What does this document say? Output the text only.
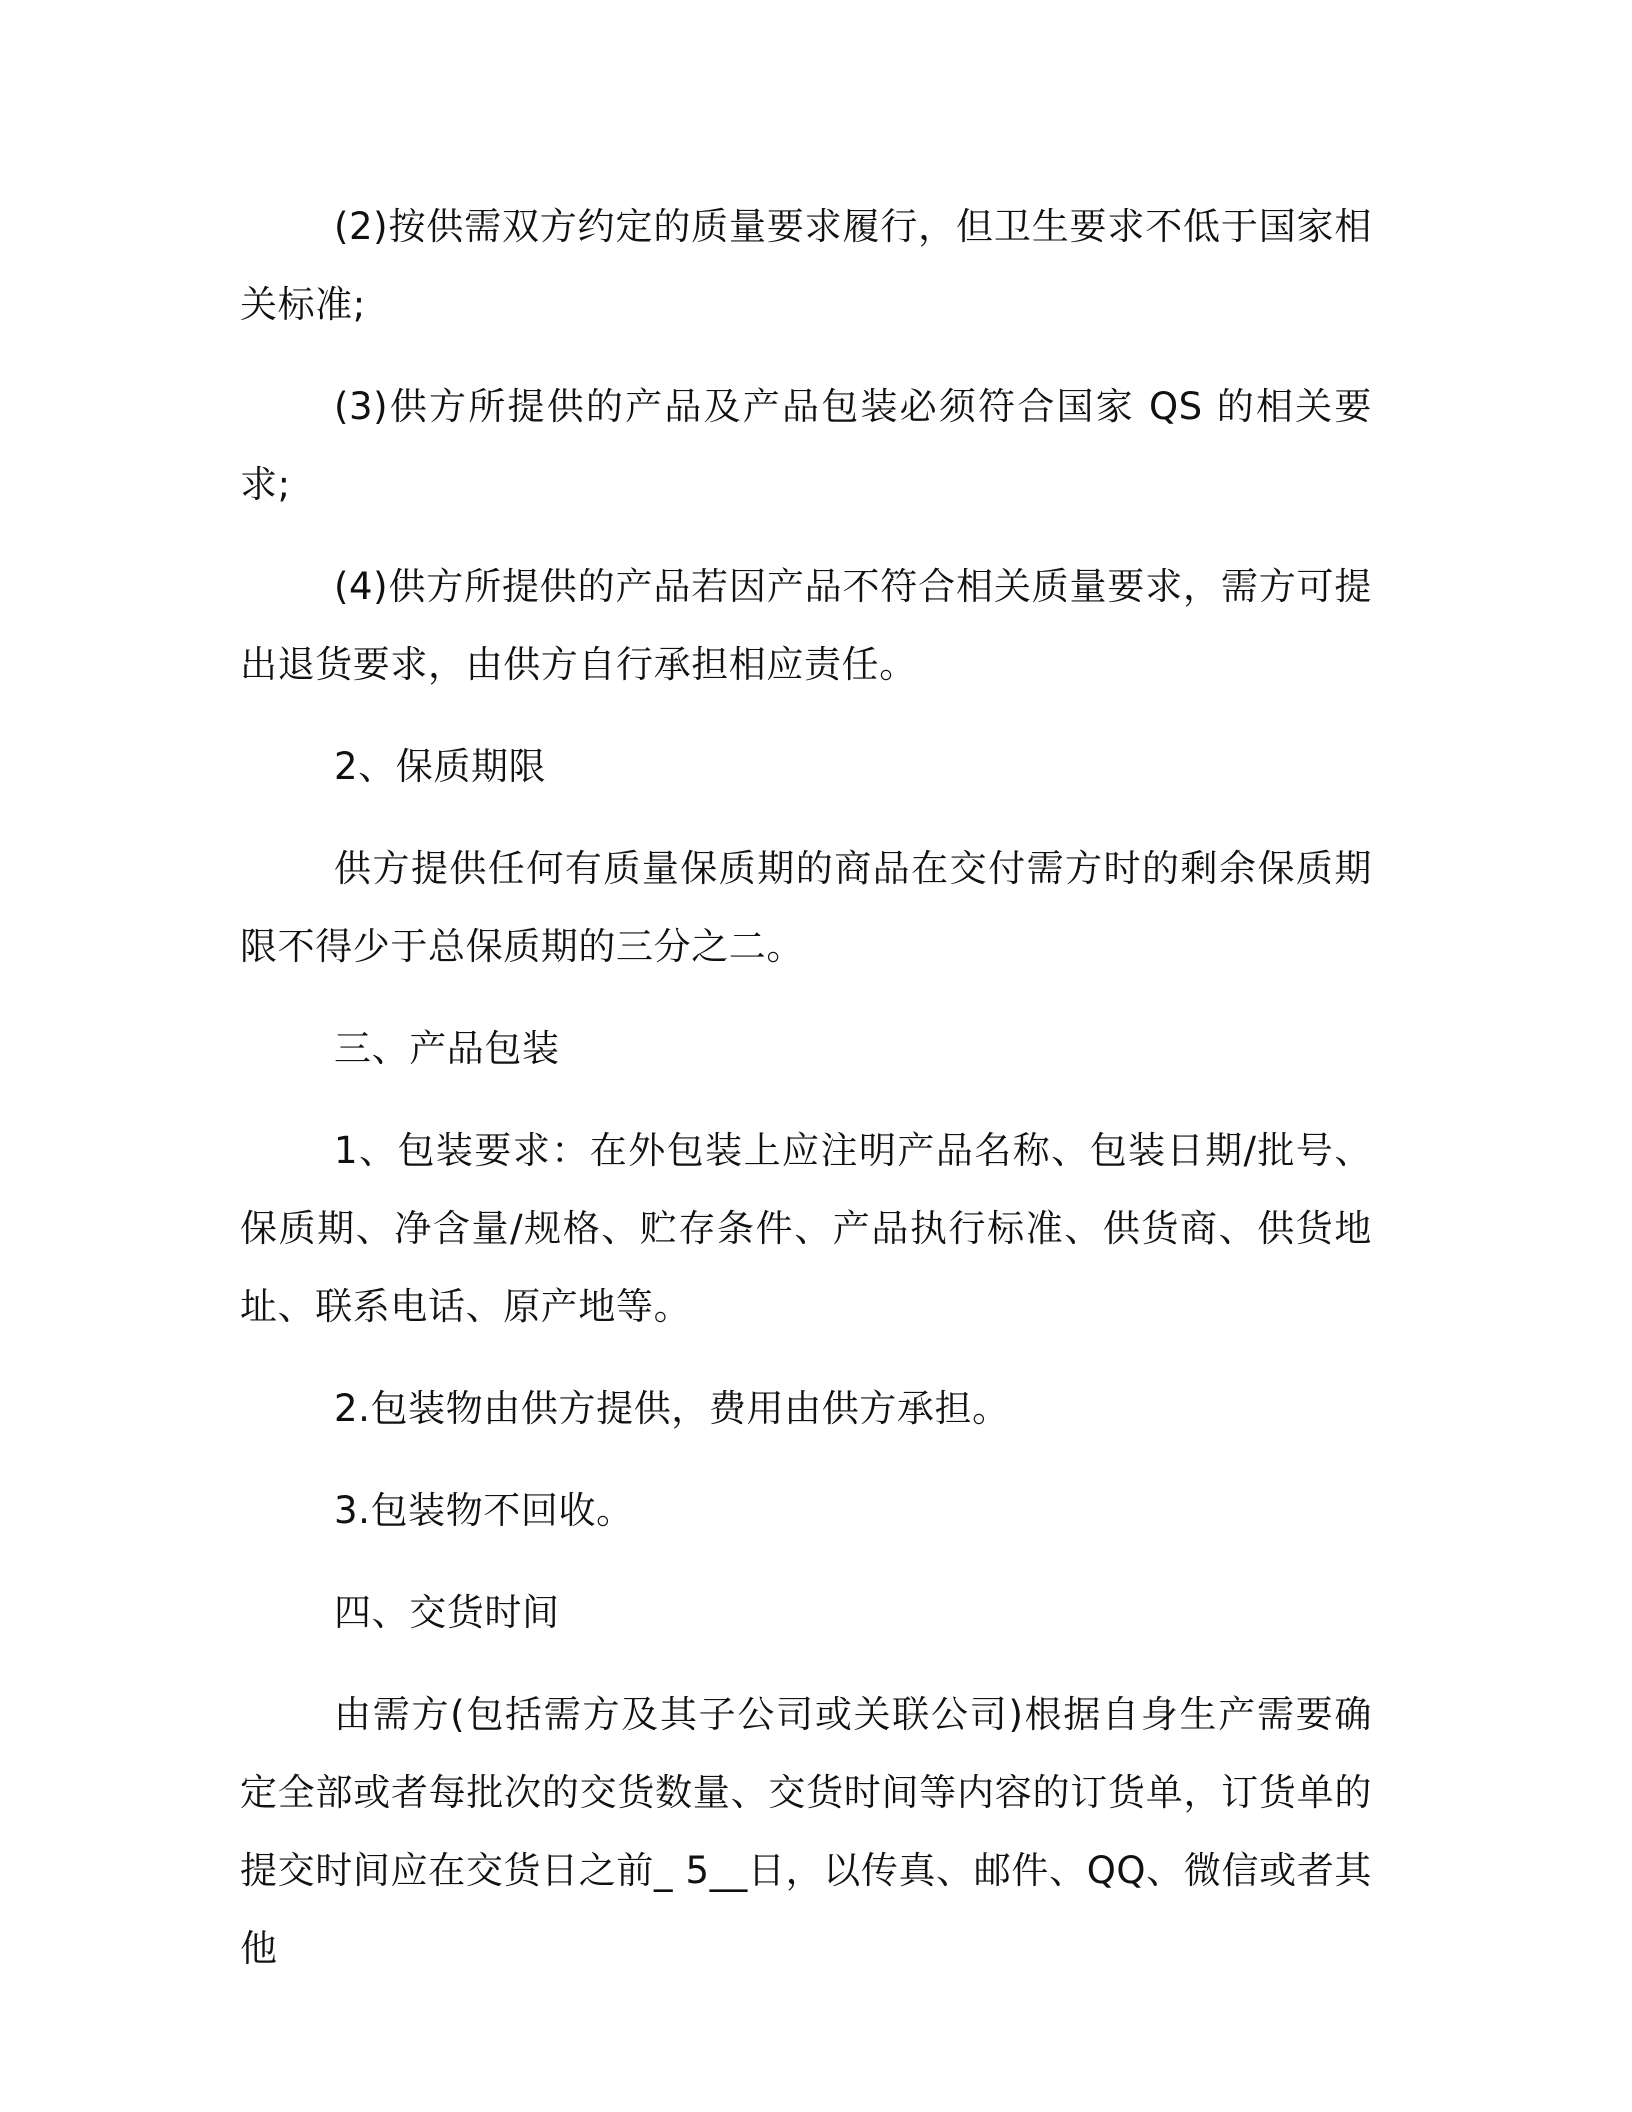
(2)按供需双方约定的质量要求履行，但卫生要求不低于国家相关标准;

(3)供方所提供的产品及产品包装必须符合国家 QS 的相关要求;

(4)供方所提供的产品若因产品不符合相关质量要求，需方可提出退货要求，由供方自行承担相应责任。

2、保质期限

供方提供任何有质量保质期的商品在交付需方时的剩余保质期限不得少于总保质期的三分之二。

三、产品包装

1、包装要求：在外包装上应注明产品名称、包装日期/批号、保质期、净含量/规格、贮存条件、产品执行标准、供货商、供货地址、联系电话、原产地等。

2.包装物由供方提供，费用由供方承担。

3.包装物不回收。

四、交货时间

由需方(包括需方及其子公司或关联公司)根据自身生产需要确定全部或者每批次的交货数量、交货时间等内容的订货单，订货单的提交时间应在交货日之前_ 5__日，以传真、邮件、QQ、微信或者其他
